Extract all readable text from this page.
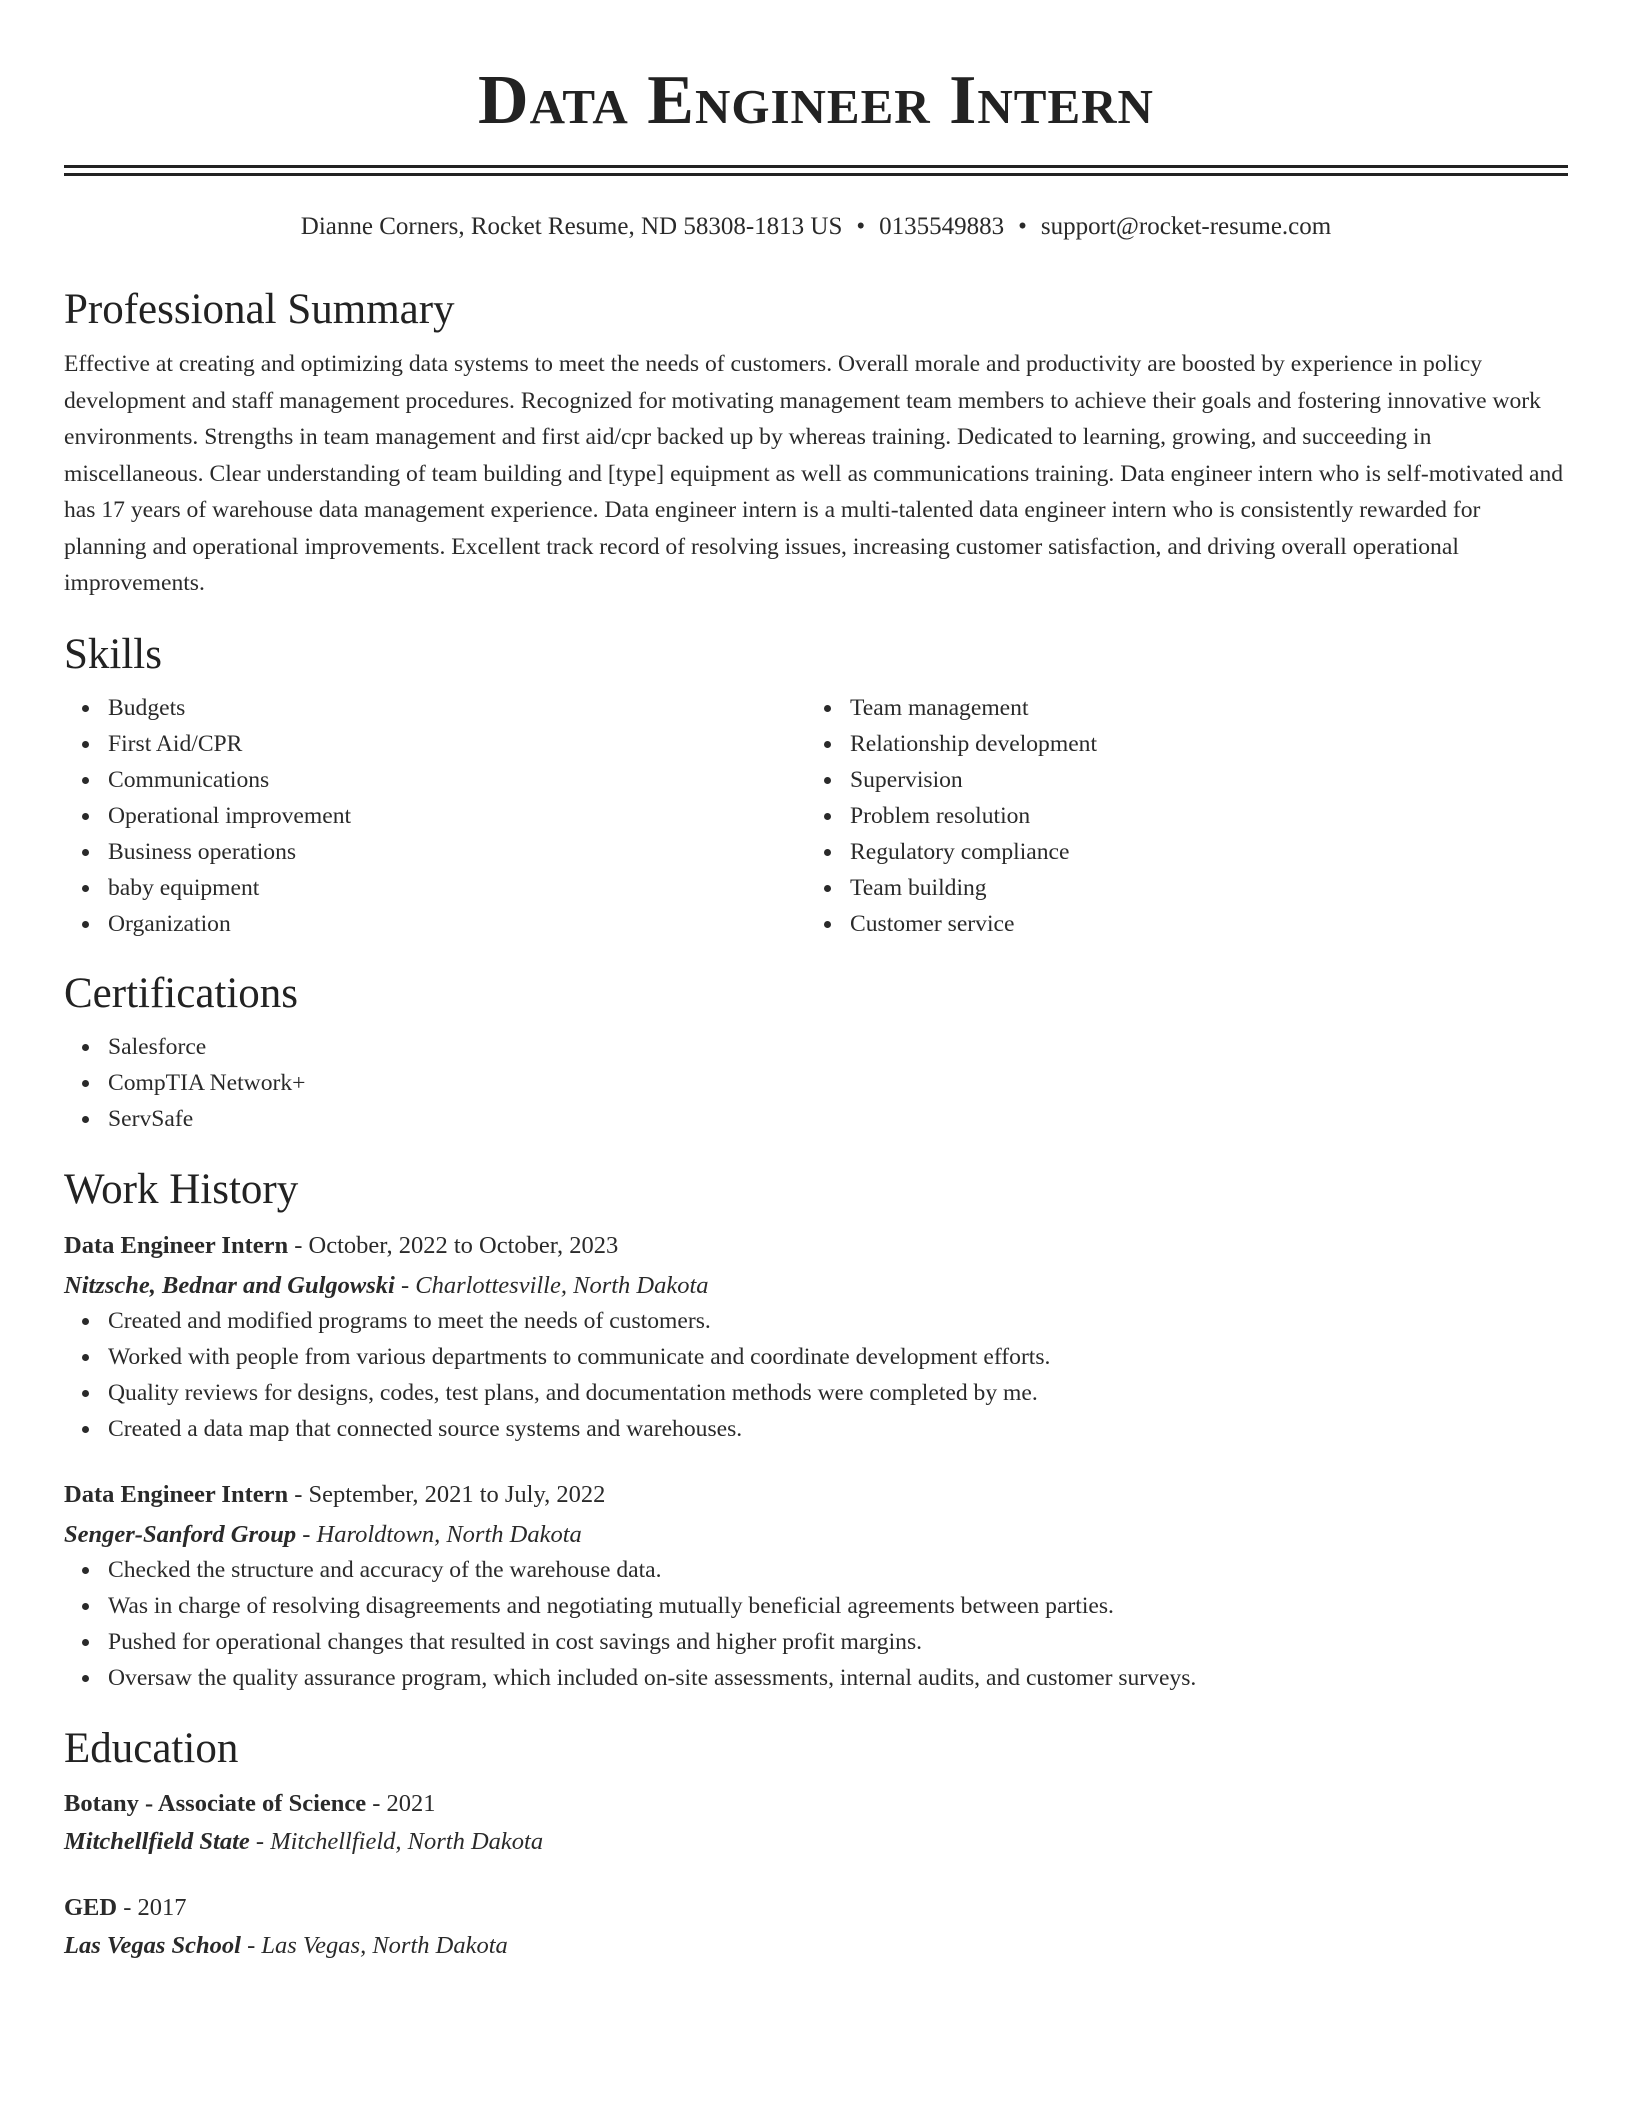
Data Engineer Intern
Dianne Corners, Rocket Resume, ND 58308-1813 US • 0135549883 • support@rocket-resume.com
Professional Summary

Effective at creating and optimizing data systems to meet the needs of customers. Overall morale and productivity are boosted by experience in policy development and staff management procedures. Recognized for motivating management team members to achieve their goals and fostering innovative work environments. Strengths in team management and first aid/cpr backed up by whereas training. Dedicated to learning, growing, and succeeding in miscellaneous. Clear understanding of team building and [type] equipment as well as communications training. Data engineer intern who is self-motivated and has 17 years of warehouse data management experience. Data engineer intern is a multi-talented data engineer intern who is consistently rewarded for planning and operational improvements. Excellent track record of resolving issues, increasing customer satisfaction, and driving overall operational improvements.

Skills
Budgets
First Aid/CPR
Communications
Operational improvement
Business operations
baby equipment
Organization
Team management
Relationship development
Supervision
Problem resolution
Regulatory compliance
Team building
Customer service
Certifications
Salesforce
CompTIA Network+
ServSafe
Work History
Data Engineer Intern - October, 2022 to October, 2023
Nitzsche, Bednar and Gulgowski - Charlottesville, North Dakota
Created and modified programs to meet the needs of customers.
Worked with people from various departments to communicate and coordinate development efforts.
Quality reviews for designs, codes, test plans, and documentation methods were completed by me.
Created a data map that connected source systems and warehouses.
Data Engineer Intern - September, 2021 to July, 2022
Senger-Sanford Group - Haroldtown, North Dakota
Checked the structure and accuracy of the warehouse data.
Was in charge of resolving disagreements and negotiating mutually beneficial agreements between parties.
Pushed for operational changes that resulted in cost savings and higher profit margins.
Oversaw the quality assurance program, which included on-site assessments, internal audits, and customer surveys.
Education
Botany - Associate of Science - 2021
Mitchellfield State - Mitchellfield, North Dakota
GED - 2017
Las Vegas School - Las Vegas, North Dakota
